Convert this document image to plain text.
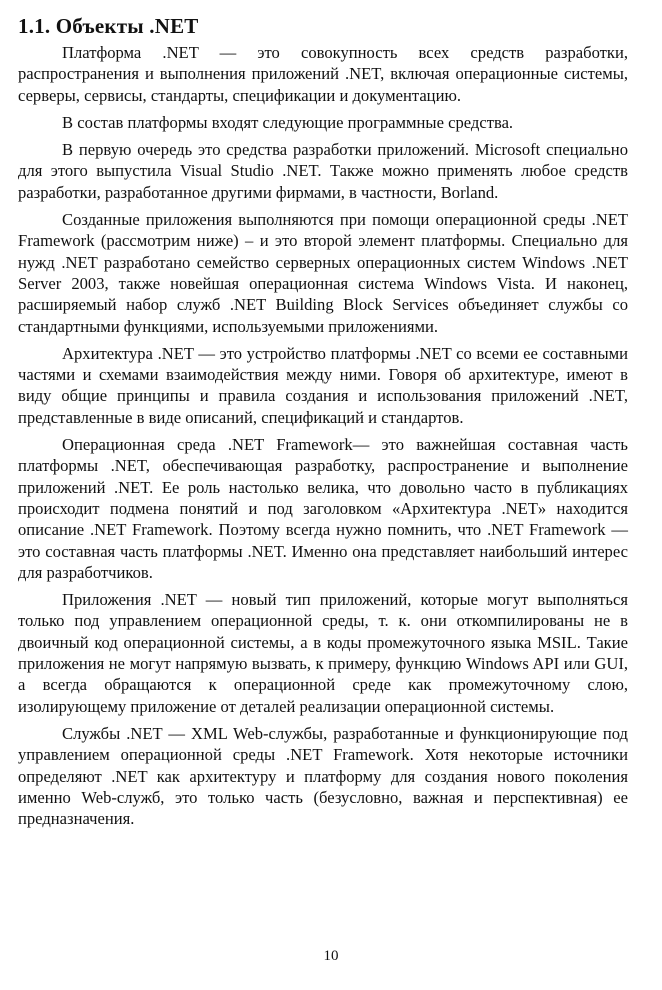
1.1. Объекты .NET

Платформа .NET — это совокупность всех средств разработки, распространения и выполнения приложений .NET, включая операционные системы, серверы, сервисы, стандарты, спецификации и документацию.

В состав платформы входят следующие программные средства.

В первую очередь это средства разработки приложений. Microsoft специально для этого выпустила Visual Studio .NET. Также можно применять любое средств разработки, разработанное другими фирмами, в частности, Borland.

Созданные приложения выполняются при помощи операционной среды .NET Framework (рассмотрим ниже) – и это второй элемент платформы. Специально для нужд .NET разработано семейство серверных операционных систем Windows .NET Server 2003, также новейшая операционная система Windows Vista. И наконец, расширяемый набор служб .NET Building Block Services объединяет службы со стандартными функциями, используемыми приложениями.

Архитектура .NET — это устройство платформы .NET со всеми ее составными частями и схемами взаимодействия между ними. Говоря об архитектуре, имеют в виду общие принципы и правила создания и использования приложений .NET, представленные в виде описаний, спецификаций и стандартов.

Операционная среда .NET Framework— это важнейшая составная часть платформы .NET, обеспечивающая разработку, распространение и выполнение приложений .NET. Ее роль настолько велика, что довольно часто в публикациях происходит подмена понятий и под заголовком «Архитектура .NET» находится описание .NET Framework. Поэтому всегда нужно помнить, что .NET Framework — это составная часть платформы .NET. Именно она представляет наибольший интерес для разработчиков.

Приложения .NET — новый тип приложений, которые могут выполняться только под управлением операционной среды, т. к. они откомпилированы не в двоичный код операционной системы, а в коды промежуточного языка MSIL. Такие приложения не могут напрямую вызвать, к примеру, функцию Windows API или GUI, а всегда обращаются к операционной среде как промежуточному слою, изолирующему приложение от деталей реализации операционной системы.

Службы .NET — XML Web-службы, разработанные и функционирующие под управлением операционной среды .NET Framework. Хотя некоторые источники определяют .NET как архитектуру и платформу для создания нового поколения именно Web-служб, это только часть (безусловно, важная и перспективная) ее предназначения.

10
